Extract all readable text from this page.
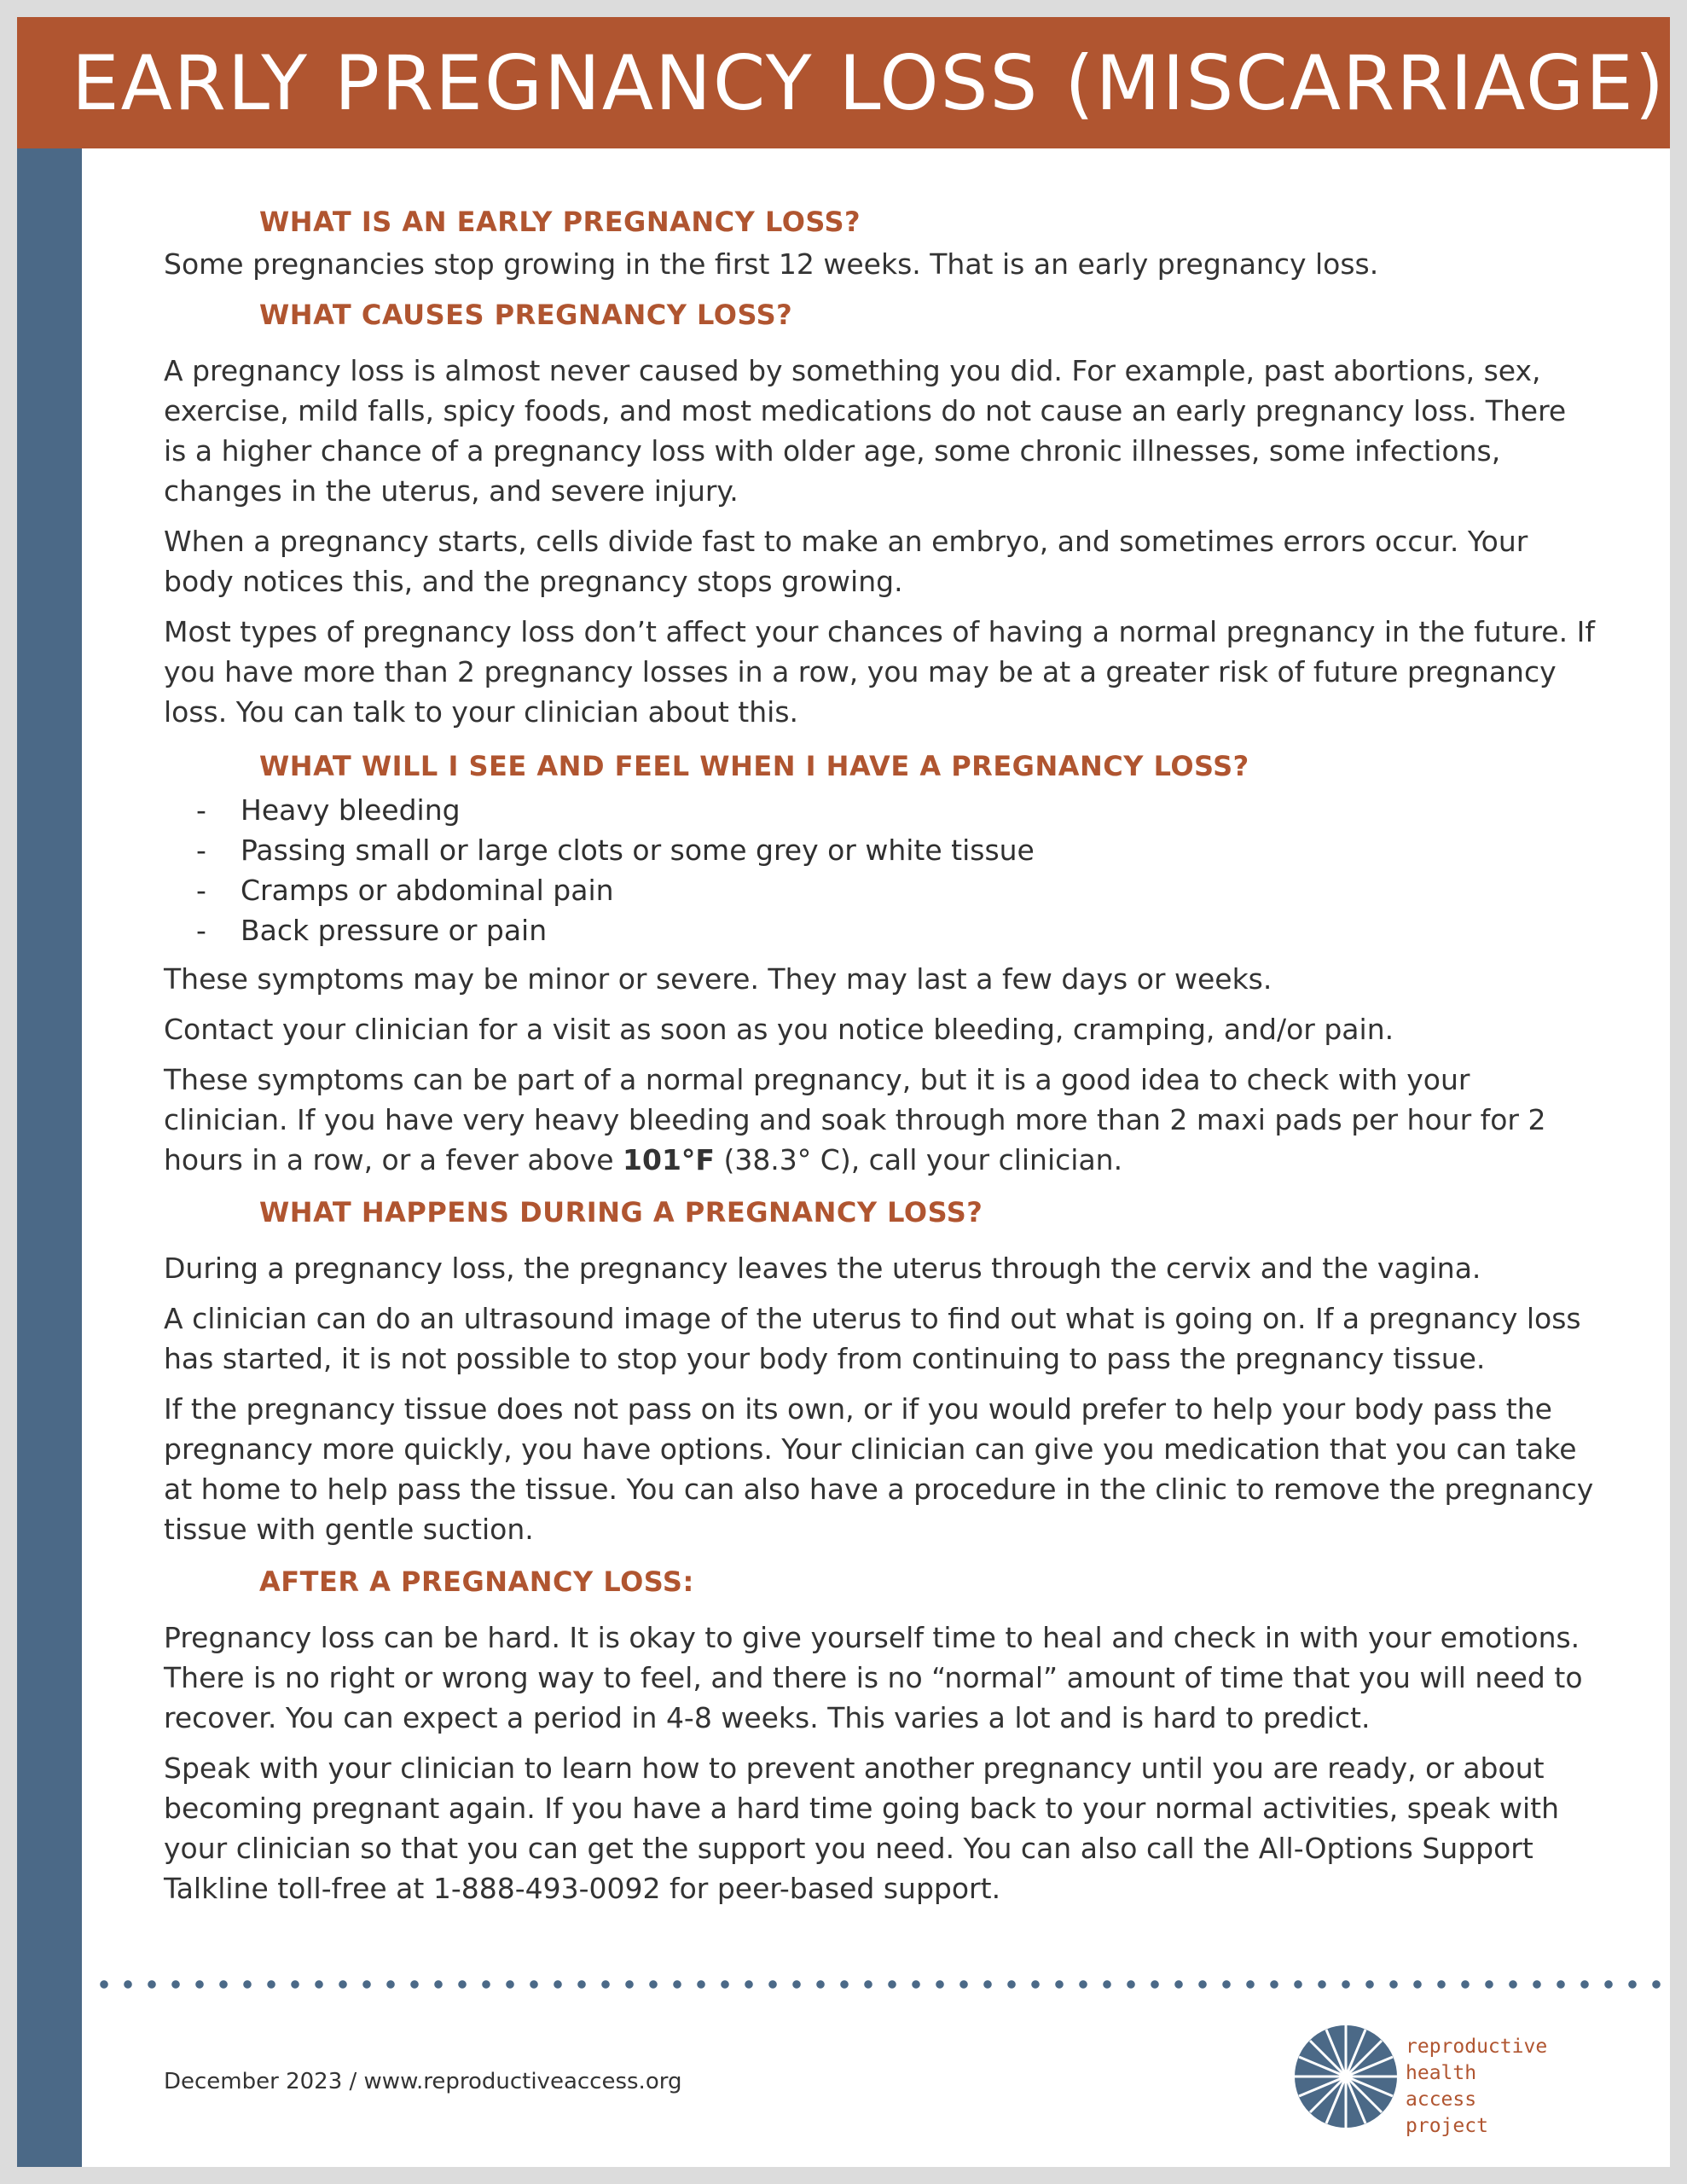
EARLY PREGNANCY LOSS (MISCARRIAGE)
WHAT IS AN EARLY PREGNANCY LOSS?

Some pregnancies stop growing in the first 12 weeks. That is an early pregnancy loss.

WHAT CAUSES PREGNANCY LOSS?

A pregnancy loss is almost never caused by something you did. For example, past abortions, sex, exercise, mild falls, spicy foods, and most medications do not cause an early pregnancy loss. There is a higher chance of a pregnancy loss with older age, some chronic illnesses, some infections, changes in the uterus, and severe injury.

When a pregnancy starts, cells divide fast to make an embryo, and sometimes errors occur. Your body notices this, and the pregnancy stops growing.

Most types of pregnancy loss don’t affect your chances of having a normal pregnancy in the future. If you have more than 2 pregnancy losses in a row, you may be at a greater risk of future pregnancy loss. You can talk to your clinician about this.

WHAT WILL I SEE AND FEEL WHEN I HAVE A PREGNANCY LOSS?
- Heavy bleeding
- Passing small or large clots or some grey or white tissue
- Cramps or abdominal pain
- Back pressure or pain

These symptoms may be minor or severe. They may last a few days or weeks.

Contact your clinician for a visit as soon as you notice bleeding, cramping, and/or pain.

These symptoms can be part of a normal pregnancy, but it is a good idea to check with your clinician. If you have very heavy bleeding and soak through more than 2 maxi pads per hour for 2 hours in a row, or a fever above 101°F (38.3° C), call your clinician.

WHAT HAPPENS DURING A PREGNANCY LOSS?

During a pregnancy loss, the pregnancy leaves the uterus through the cervix and the vagina.

A clinician can do an ultrasound image of the uterus to find out what is going on. If a pregnancy loss has started, it is not possible to stop your body from continuing to pass the pregnancy tissue.

If the pregnancy tissue does not pass on its own, or if you would prefer to help your body pass the pregnancy more quickly, you have options. Your clinician can give you medication that you can take at home to help pass the tissue. You can also have a procedure in the clinic to remove the pregnancy tissue with gentle suction.

AFTER A PREGNANCY LOSS:

Pregnancy loss can be hard. It is okay to give yourself time to heal and check in with your emotions. There is no right or wrong way to feel, and there is no “normal” amount of time that you will need to recover. You can expect a period in 4-8 weeks. This varies a lot and is hard to predict.

Speak with your clinician to learn how to prevent another pregnancy until you are ready, or about becoming pregnant again. If you have a hard time going back to your normal activities, speak with your clinician so that you can get the support you need. You can also call the All-Options Support Talkline toll-free at 1-888-493-0092 for peer-based support.

December 2023 / www.reproductiveaccess.org
reproductive
health
access
project
